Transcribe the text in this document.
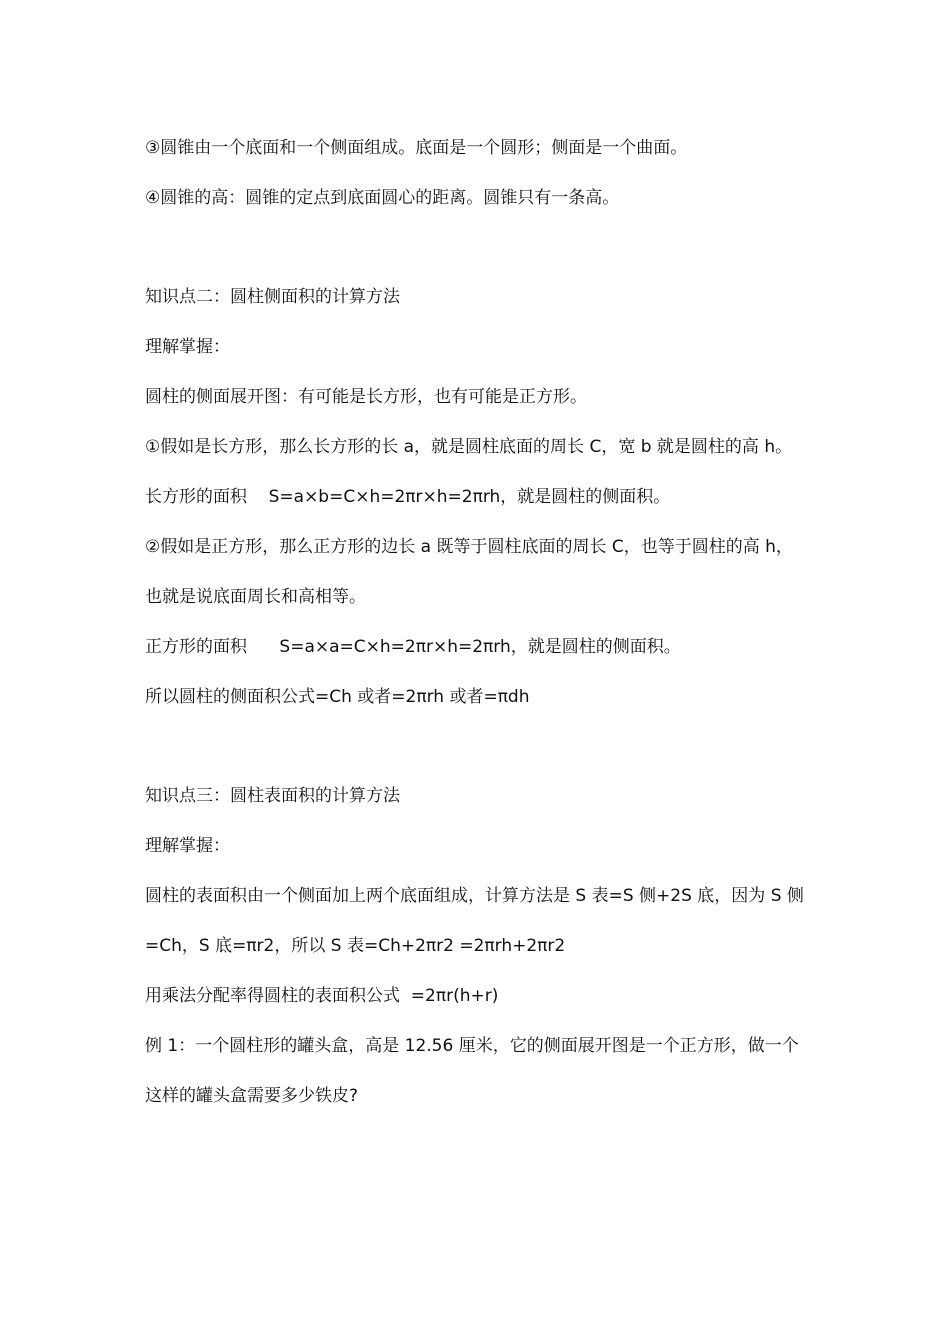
③圆锥由一个底面和一个侧面组成。底面是一个圆形；侧面是一个曲面。

④圆锥的高：圆锥的定点到底面圆心的距离。圆锥只有一条高。

知识点二：圆柱侧面积的计算方法

理解掌握：

圆柱的侧面展开图：有可能是长方形，也有可能是正方形。

①假如是长方形，那么长方形的长 a，就是圆柱底面的周长 C，宽 b 就是圆柱的高 h。

长方形的面积    S=a×b=C×h=2πr×h=2πrh，就是圆柱的侧面积。

②假如是正方形，那么正方形的边长 a 既等于圆柱底面的周长 C，也等于圆柱的高 h，

也就是说底面周长和高相等。

正方形的面积      S=a×a=C×h=2πr×h=2πrh，就是圆柱的侧面积。

所以圆柱的侧面积公式=Ch 或者=2πrh 或者=πdh

知识点三：圆柱表面积的计算方法

理解掌握：

圆柱的表面积由一个侧面加上两个底面组成，计算方法是 S 表=S 侧+2S 底，因为 S 侧

=Ch，S 底=πr2，所以 S 表=Ch+2πr2 =2πrh+2πr2

用乘法分配率得圆柱的表面积公式  =2πr(h+r)

例 1：一个圆柱形的罐头盒，高是 12.56 厘米，它的侧面展开图是一个正方形，做一个

这样的罐头盒需要多少铁皮?
